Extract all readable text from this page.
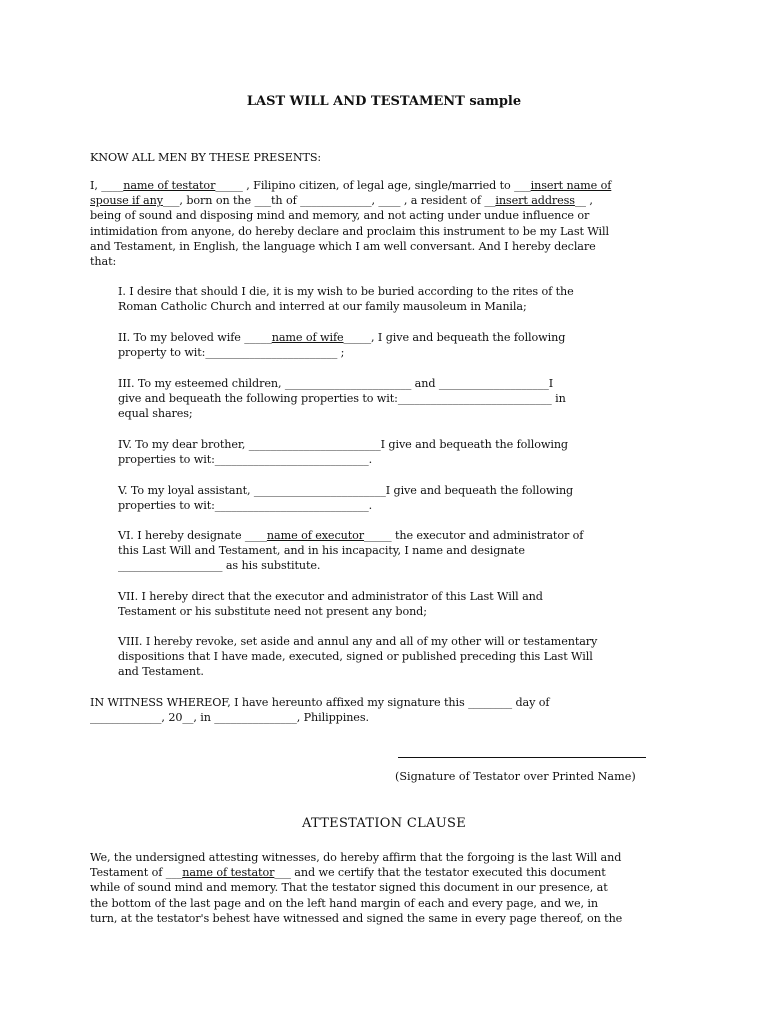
LAST WILL AND TESTAMENT sample
KNOW ALL MEN BY THESE PRESENTS:
I, ____name of testator_____ , Filipino citizen, of legal age, single/married to ___insert name of
spouse if any___, born on the ___th of _____________, ____ , a resident of __insert address__ ,
being of sound and disposing mind and memory, and not acting under undue influence or
intimidation from anyone, do hereby declare and proclaim this instrument to be my Last Will
and Testament, in English, the language which I am well conversant. And I hereby declare
that:
I. I desire that should I die, it is my wish to be buried according to the rites of the
Roman Catholic Church and interred at our family mausoleum in Manila;
II. To my beloved wife _____name of wife_____, I give and bequeath the following
property to wit:________________________ ;
III. To my esteemed children, _______________________ and ____________________I
give and bequeath the following properties to wit:____________________________ in
equal shares;
IV. To my dear brother, ________________________I give and bequeath the following
properties to wit:____________________________.
V. To my loyal assistant, ________________________I give and bequeath the following
properties to wit:____________________________.
VI. I hereby designate ____name of executor_____ the executor and administrator of
this Last Will and Testament, and in his incapacity, I name and designate
___________________ as his substitute.
VII. I hereby direct that the executor and administrator of this Last Will and
Testament or his substitute need not present any bond;
VIII. I hereby revoke, set aside and annul any and all of my other will or testamentary
dispositions that I have made, executed, signed or published preceding this Last Will
and Testament.
IN WITNESS WHEREOF, I have hereunto affixed my signature this ________ day of
_____________, 20__, in _______________, Philippines.
(Signature of Testator over Printed Name)
ATTESTATION CLAUSE
We, the undersigned attesting witnesses, do hereby affirm that the forgoing is the last Will and
Testament of ___name of testator___ and we certify that the testator executed this document
while of sound mind and memory. That the testator signed this document in our presence, at
the bottom of the last page and on the left hand margin of each and every page, and we, in
turn, at the testator's behest have witnessed and signed the same in every page thereof, on the
